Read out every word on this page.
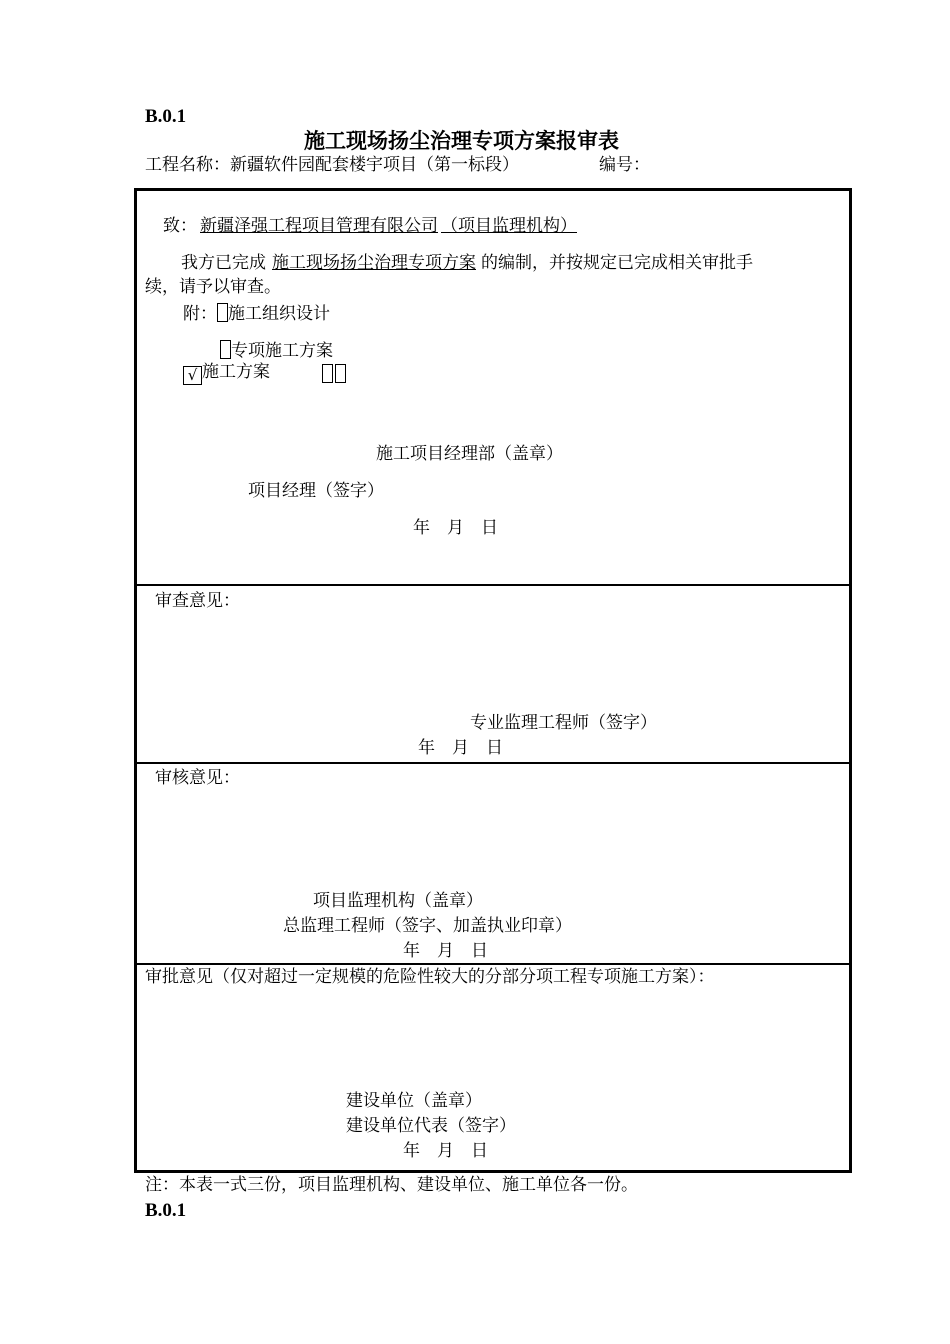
B.0.1
施工现场扬尘治理专项方案报审表
工程名称：新疆软件园配套楼宇项目（第一标段）	编号：
致： 新疆泽强工程项目管理有限公司 （项目监理机构）
我方已完成 施工现场扬尘治理专项方案 的编制，并按规定已完成相关审批手
续，请予以审查。
附： 施工组织设计
专项施工方案
√ 施工方案
施工项目经理部（盖章）
项目经理（签字）
年　月　日
审查意见：
专业监理工程师（签字）
年　月　日
审核意见：
项目监理机构（盖章）
总监理工程师（签字、加盖执业印章）
年　月　日
审批意见（仅对超过一定规模的危险性较大的分部分项工程专项施工方案）：
建设单位（盖章）
建设单位代表（签字）
年　月　日
注：本表一式三份，项目监理机构、建设单位、施工单位各一份。
B.0.1
